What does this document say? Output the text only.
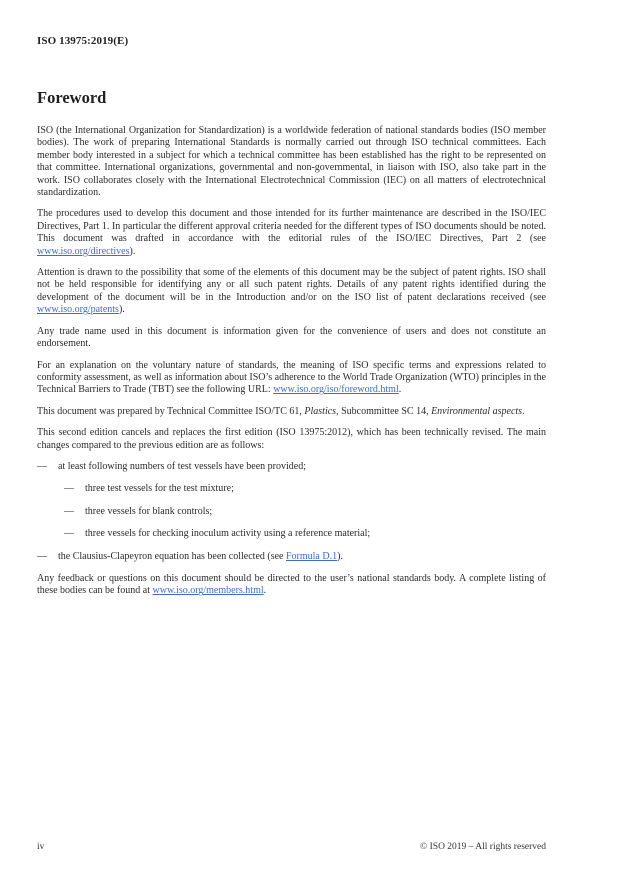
ISO 13975:2019(E)
Foreword

ISO (the International Organization for Standardization) is a worldwide federation of national standards bodies (ISO member bodies). The work of preparing International Standards is normally carried out through ISO technical committees. Each member body interested in a subject for which a technical committee has been established has the right to be represented on that committee. International organizations, governmental and non-governmental, in liaison with ISO, also take part in the work. ISO collaborates closely with the International Electrotechnical Commission (IEC) on all matters of electrotechnical standardization.

The procedures used to develop this document and those intended for its further maintenance are described in the ISO/IEC Directives, Part 1. In particular the different approval criteria needed for the different types of ISO documents should be noted. This document was drafted in accordance with the editorial rules of the ISO/IEC Directives, Part 2 (see www.iso.org/directives).

Attention is drawn to the possibility that some of the elements of this document may be the subject of patent rights. ISO shall not be held responsible for identifying any or all such patent rights. Details of any patent rights identified during the development of the document will be in the Introduction and/or on the ISO list of patent declarations received (see www.iso.org/patents).

Any trade name used in this document is information given for the convenience of users and does not constitute an endorsement.

For an explanation on the voluntary nature of standards, the meaning of ISO specific terms and expressions related to conformity assessment, as well as information about ISO’s adherence to the World Trade Organization (WTO) principles in the Technical Barriers to Trade (TBT) see the following URL: www.iso.org/iso/foreword.html.

This document was prepared by Technical Committee ISO/TC 61, Plastics, Subcommittee SC 14, Environmental aspects.

This second edition cancels and replaces the first edition (ISO 13975:2012), which has been technically revised. The main changes compared to the previous edition are as follows:

—	at least following numbers of test vessels have been provided;
—	three test vessels for the test mixture;
—	three vessels for blank controls;
—	three vessels for checking inoculum activity using a reference material;
—	the Clausius-Clapeyron equation has been collected (see Formula D.1).

Any feedback or questions on this document should be directed to the user’s national standards body. A complete listing of these bodies can be found at www.iso.org/members.html.

iv	© ISO 2019 – All rights reserved
